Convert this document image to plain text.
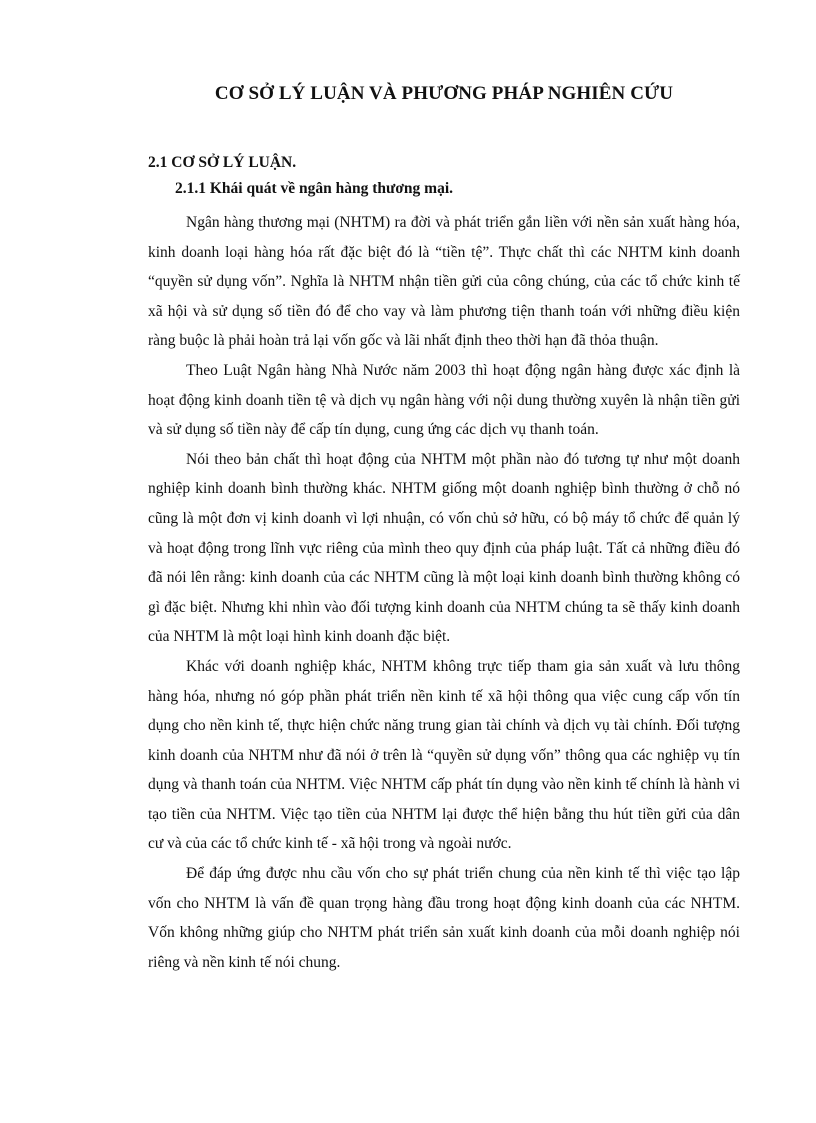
CƠ SỞ LÝ LUẬN VÀ PHƯƠNG PHÁP NGHIÊN CỨU
2.1 CƠ SỞ LÝ LUẬN.
2.1.1 Khái quát về ngân hàng thương mại.

Ngân hàng thương mại (NHTM) ra đời và phát triển gắn liền với nền sản xuất hàng hóa, kinh doanh loại hàng hóa rất đặc biệt đó là “tiền tệ”. Thực chất thì các NHTM kinh doanh “quyền sử dụng vốn”. Nghĩa là NHTM nhận tiền gửi của công chúng, của các tổ chức kinh tế xã hội và sử dụng số tiền đó để cho vay và làm phương tiện thanh toán với những điều kiện ràng buộc là phải hoàn trả lại vốn gốc và lãi nhất định theo thời hạn đã thỏa thuận.

Theo Luật Ngân hàng Nhà Nước năm 2003 thì hoạt động ngân hàng được xác định là hoạt động kinh doanh tiền tệ và dịch vụ ngân hàng với nội dung thường xuyên là nhận tiền gửi và sử dụng số tiền này để cấp tín dụng, cung ứng các dịch vụ thanh toán.

Nói theo bản chất thì hoạt động của NHTM một phần nào đó tương tự như một doanh nghiệp kinh doanh bình thường khác. NHTM giống một doanh nghiệp bình thường ở chỗ nó cũng là một đơn vị kinh doanh vì lợi nhuận, có vốn chủ sở hữu, có bộ máy tổ chức để quản lý và hoạt động trong lĩnh vực riêng của mình theo quy định của pháp luật. Tất cả những điều đó đã nói lên rằng: kinh doanh của các NHTM cũng là một loại kinh doanh bình thường không có gì đặc biệt. Nhưng khi nhìn vào đối tượng kinh doanh của NHTM chúng ta sẽ thấy kinh doanh của NHTM là một loại hình kinh doanh đặc biệt.

Khác với doanh nghiệp khác, NHTM không trực tiếp tham gia sản xuất và lưu thông hàng hóa, nhưng nó góp phần phát triển nền kinh tế xã hội thông qua việc cung cấp vốn tín dụng cho nền kinh tế, thực hiện chức năng trung gian tài chính và dịch vụ tài chính. Đối tượng kinh doanh của NHTM như đã nói ở trên là “quyền sử dụng vốn” thông qua các nghiệp vụ tín dụng và thanh toán của NHTM. Việc NHTM cấp phát tín dụng vào nền kinh tế chính là hành vi tạo tiền của NHTM. Việc tạo tiền của NHTM lại được thể hiện bằng thu hút tiền gửi của dân cư và của các tổ chức kinh tế - xã hội trong và ngoài nước.

Để đáp ứng được nhu cầu vốn cho sự phát triển chung của nền kinh tế thì việc tạo lập vốn cho NHTM là vấn đề quan trọng hàng đầu trong hoạt động kinh doanh của các NHTM. Vốn không những giúp cho NHTM phát triển sản xuất kinh doanh của mỗi doanh nghiệp nói riêng và nền kinh tế nói chung.
